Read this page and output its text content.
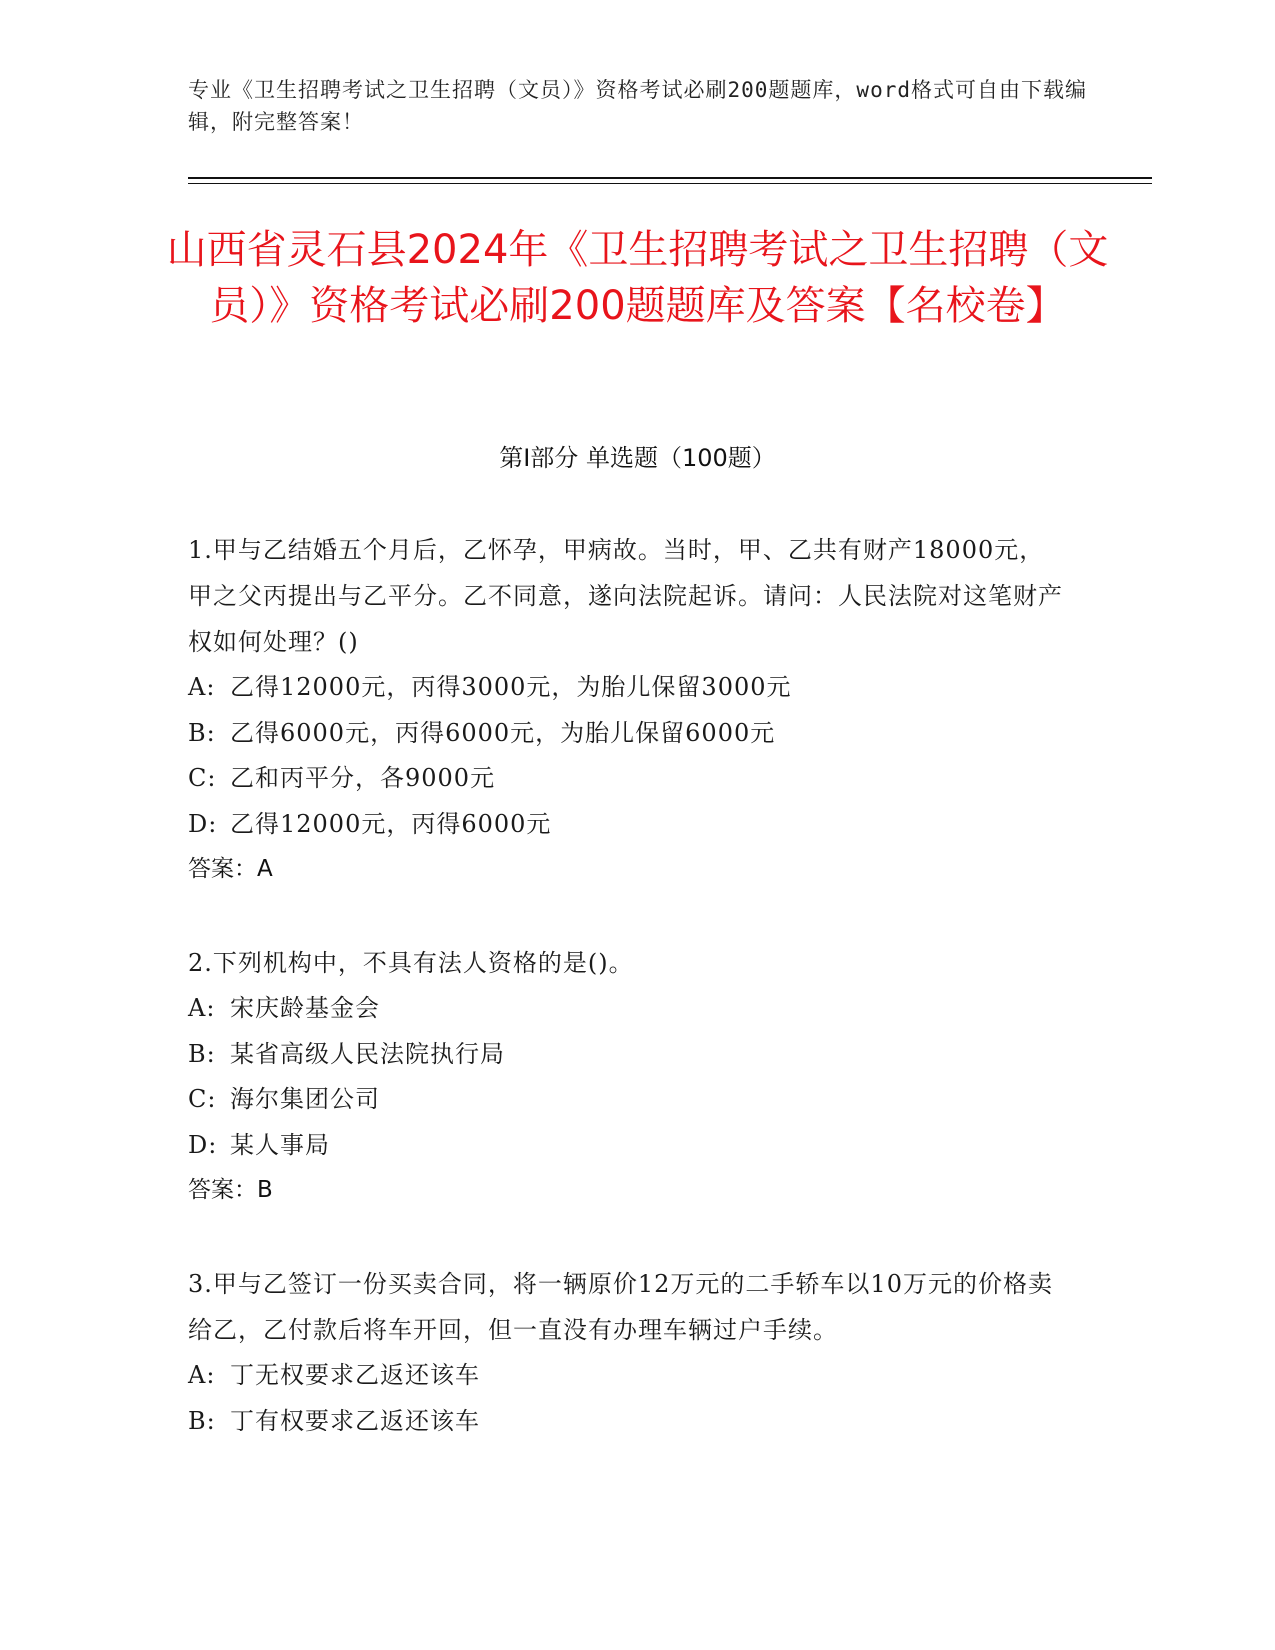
专业《卫生招聘考试之卫生招聘（文员）》资格考试必刷200题题库，word格式可自由下载编辑，附完整答案！
山西省灵石县2024年《卫生招聘考试之卫生招聘（文员）》资格考试必刷200题题库及答案【名校卷】
第Ⅰ部分 单选题（100题）

1.甲与乙结婚五个月后，乙怀孕，甲病故。当时，甲、乙共有财产18000元，甲之父丙提出与乙平分。乙不同意，遂向法院起诉。请问：人民法院对这笔财产权如何处理？()

A: 乙得12000元，丙得3000元，为胎儿保留3000元

B: 乙得6000元，丙得6000元，为胎儿保留6000元

C: 乙和丙平分，各9000元

D: 乙得12000元，丙得6000元

答案：A

2.下列机构中，不具有法人资格的是()。

A: 宋庆龄基金会

B: 某省高级人民法院执行局

C: 海尔集团公司

D: 某人事局

答案：B

3.甲与乙签订一份买卖合同，将一辆原价12万元的二手轿车以10万元的价格卖给乙，乙付款后将车开回，但一直没有办理车辆过户手续。

A: 丁无权要求乙返还该车

B: 丁有权要求乙返还该车
